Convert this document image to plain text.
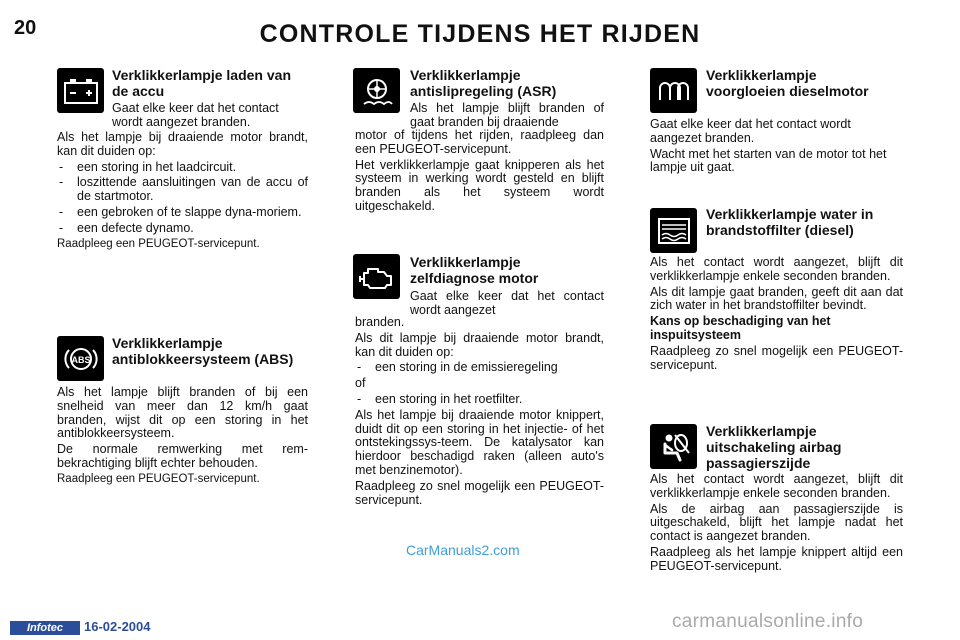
20	CONTROLE TIJDENS HET RIJDEN
Verklikkerlampje laden van de accu

Gaat elke keer dat het contact wordt aangezet branden.

Als het lampje bij draaiende motor brandt, kan dit duiden op:

- een storing in het laadcircuit.
- loszittende aansluitingen van de accu of de startmotor.
- een gebroken of te slappe dyna-moriem.
- een defecte dynamo.

Raadpleeg een PEUGEOT-servicepunt.

ABS
Verklikkerlampje antiblokkeersysteem (ABS)

Als het lampje blijft branden of bij een snelheid van meer dan 12 km/h gaat branden, wijst dit op een storing in het antiblokkeersysteem.

De normale remwerking met rem-bekrachtiging blijft echter behouden.

Raadpleeg een PEUGEOT-servicepunt.

Verklikkerlampje antislipregeling (ASR)

Als het lampje blijft branden of gaat branden bij draaiende

motor of tijdens het rijden, raadpleeg dan een PEUGEOT-servicepunt.

Het verklikkerlampje gaat knipperen als het systeem in werking wordt gesteld en blijft branden als het systeem wordt uitgeschakeld.

Verklikkerlampje zelfdiagnose motor

Gaat elke keer dat het contact wordt aangezet

branden.

Als dit lampje bij draaiende motor brandt, kan dit duiden op:

- een storing in de emissieregeling

of

- een storing in het roetfilter.

Als het lampje bij draaiende motor knippert, duidt dit op een storing in het injectie- of het ontstekingssys-teem. De katalysator kan hierdoor beschadigd raken (alleen auto's met benzinemotor).

Raadpleeg zo snel mogelijk een PEUGEOT-servicepunt.

Verklikkerlampje voorgloeien dieselmotor

Gaat elke keer dat het contact wordt aangezet branden.

Wacht met het starten van de motor tot het lampje uit gaat.

Verklikkerlampje water in brandstoffilter (diesel)

Als het contact wordt aangezet, blijft dit verklikkerlampje enkele seconden branden.

Als dit lampje gaat branden, geeft dit aan dat zich water in het brandstoffilter bevindt.

Kans op beschadiging van het inspuitsysteem

Raadpleeg zo snel mogelijk een PEUGEOT-servicepunt.

Verklikkerlampje uitschakeling airbag passagierszijde

Als het contact wordt aangezet, blijft dit verklikkerlampje enkele seconden branden.

Als de airbag aan passagierszijde is uitgeschakeld, blijft het lampje nadat het contact is aangezet branden.

Raadpleeg als het lampje knippert altijd een PEUGEOT-servicepunt.

CarManuals2.com
Infotec	16-02-2004	carmanualsonline.info
